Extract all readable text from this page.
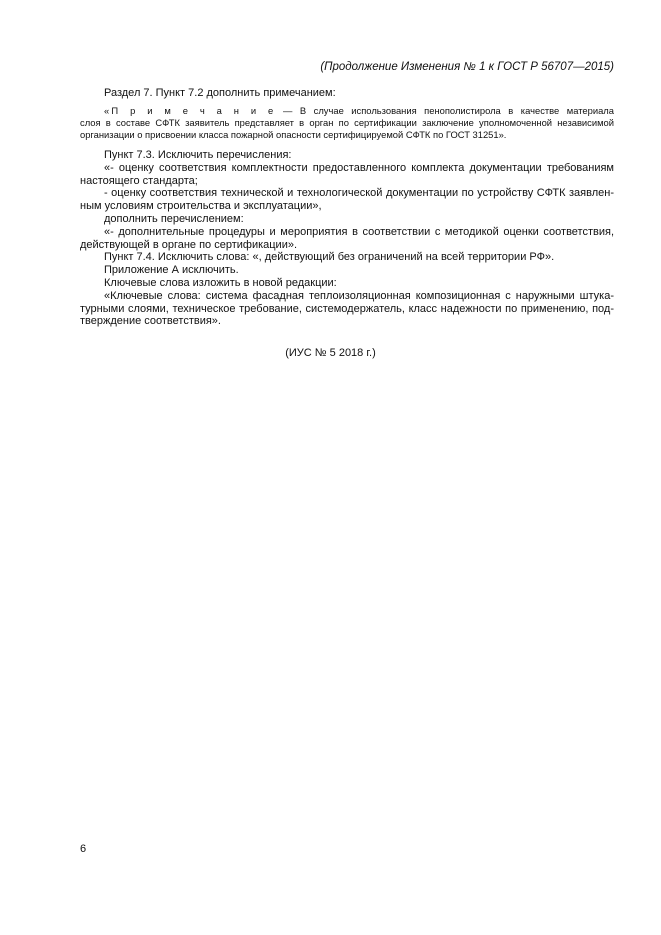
(Продолжение Изменения № 1 к ГОСТ Р 56707—2015)
Раздел 7. Пункт 7.2 дополнить примечанием:
«П р и м е ч а н и е — В случае использования пенополистирола в качестве материала
слоя в составе СФТК заявитель представляет в орган по сертификации заключение уполномоченной независимой
организации о присвоении класса пожарной опасности сертифицируемой СФТК по ГОСТ 31251».
Пункт 7.3. Исключить перечисления:
«- оценку соответствия комплектности предоставленного комплекта документации требованиям
настоящего стандарта;
- оценку соответствия технической и технологической документации по устройству СФТК заявлен-
ным условиям строительства и эксплуатации»,
дополнить перечислением:
«- дополнительные процедуры и мероприятия в соответствии с методикой оценки соответствия,
действующей в органе по сертификации».
Пункт 7.4. Исключить слова: «, действующий без ограничений на всей территории РФ».
Приложение А исключить.
Ключевые слова изложить в новой редакции:
«Ключевые слова: система фасадная теплоизоляционная композиционная с наружными штука-
турными слоями, техническое требование, системодержатель, класс надежности по применению, под-
тверждение соответствия».
(ИУС № 5 2018 г.)
6
